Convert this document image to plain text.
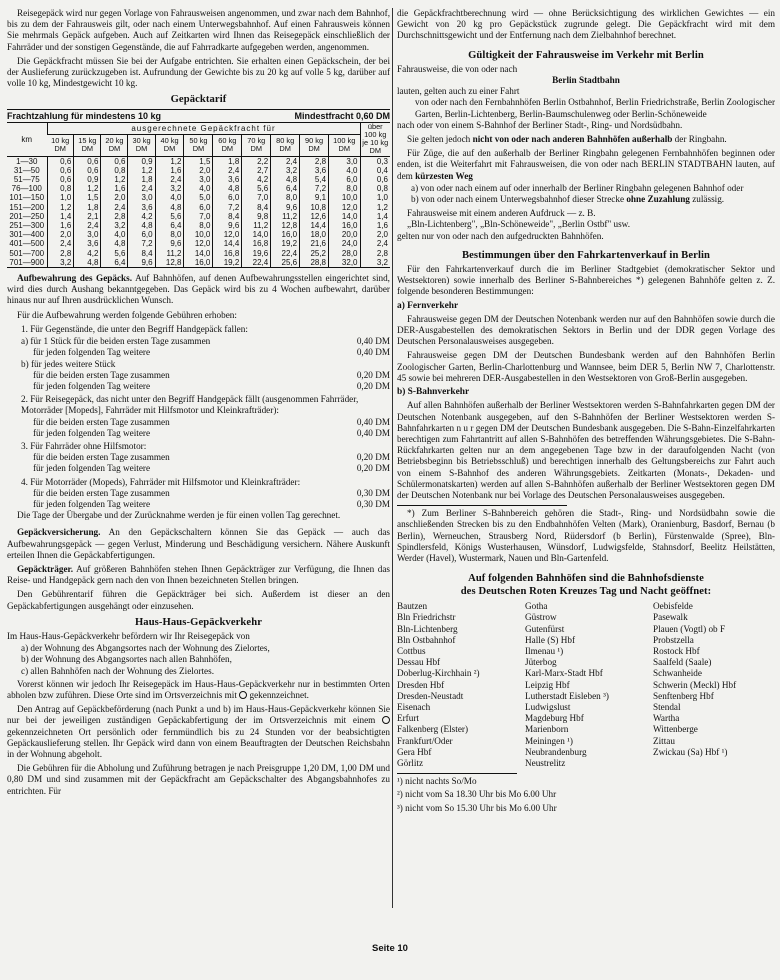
Reisegepäck wird nur gegen Vorlage von Fahrausweisen angenommen, und zwar nach dem Bahnhof, bis zu dem der Fahrausweis gilt, oder nach einem Unterwegsbahnhof. Auf einen Fahrausweis können Sie mehrmals Gepäck aufgeben. Auch auf Zeitkarten wird Ihnen das Reisegepäck einschließlich der Fahrräder und der sonstigen Gegenstände, die auf Fahrradkarte aufgegeben werden, angenommen.

Die Gepäckfracht müssen Sie bei der Aufgabe entrichten. Sie erhalten einen Gepäckschein, der bei der Auslieferung zurückzugeben ist. Aufrundung der Gewichte bis zu 20 kg auf volle 5 kg, darüber auf volle 10 kg, Mindestgewicht 10 kg.

Gepäcktarif
Frachtzahlung für mindestens 10 kg	Mindestfracht 0,60 DM
km	ausgerechnete Gepäckfracht für											über 100 kg je 10 kg DM
	10 kg DM	15 kg DM	20 kg DM	30 kg DM	40 kg DM	50 kg DM	60 kg DM	70 kg DM	80 kg DM	90 kg DM	100 kg DM	
1—30	0,6	0,6	0,6	0,9	1,2	1,5	1,8	2,2	2,4	2,8	3,0	0,3
31—50	0,6	0,6	0,8	1,2	1,6	2,0	2,4	2,7	3,2	3,6	4,0	0,4
51—75	0,6	0,9	1,2	1,8	2,4	3,0	3,6	4,2	4,8	5,4	6,0	0,6
76—100	0,8	1,2	1,6	2,4	3,2	4,0	4,8	5,6	6,4	7,2	8,0	0,8
101—150	1,0	1,5	2,0	3,0	4,0	5,0	6,0	7,0	8,0	9,1	10,0	1,0
151—200	1,2	1,8	2,4	3,6	4,8	6,0	7,2	8,4	9,6	10,8	12,0	1,2
201—250	1,4	2,1	2,8	4,2	5,6	7,0	8,4	9,8	11,2	12,6	14,0	1,4
251—300	1,6	2,4	3,2	4,8	6,4	8,0	9,6	11,2	12,8	14,4	16,0	1,6
301—400	2,0	3,0	4,0	6,0	8,0	10,0	12,0	14,0	16,0	18,0	20,0	2,0
401—500	2,4	3,6	4,8	7,2	9,6	12,0	14,4	16,8	19,2	21,6	24,0	2,4
501—700	2,8	4,2	5,6	8,4	11,2	14,0	16,8	19,6	22,4	25,2	28,0	2,8
701—900	3,2	4,8	6,4	9,6	12,8	16,0	19,2	22,4	25,6	28,8	32,0	3,2

Aufbewahrung des Gepäcks. Auf Bahnhöfen, auf denen Aufbewahrungsstellen eingerichtet sind, wird dies durch Aushang bekanntgegeben. Das Gepäck wird bis zu 4 Wochen aufbewahrt, darüber hinaus nur auf Ihren ausdrücklichen Wunsch.

Für die Aufbewahrung werden folgende Gebühren erhoben:

1. Für Gegenstände, die unter den Begriff Handgepäck fallen:
a) für 1 Stück für die beiden ersten Tage zusammen	0,40 DM
für jeden folgenden Tag weitere	0,40 DM
b) für jedes weitere Stück
für die beiden ersten Tage zusammen	0,20 DM
für jeden folgenden Tag weitere	0,20 DM
2. Für Reisegepäck, das nicht unter den Begriff Handgepäck fällt (ausgenommen Fahrräder, Motorräder [Mopeds], Fahrräder mit Hilfsmotor und Kleinkrafträder):
für die beiden ersten Tage zusammen	0,40 DM
für jeden folgenden Tag weitere	0,40 DM
3. Für Fahrräder ohne Hilfsmotor:
für die beiden ersten Tage zusammen	0,20 DM
für jeden folgenden Tag weitere	0,20 DM
4. Für Motorräder (Mopeds), Fahrräder mit Hilfsmotor und Kleinkrafträder:
für die beiden ersten Tage zusammen	0,30 DM
für jeden folgenden Tag weitere	0,30 DM

Die Tage der Übergabe und der Zurücknahme werden je für einen vollen Tag gerechnet.

Gepäckversicherung. An den Gepäckschaltern können Sie das Gepäck — auch das Aufbewahrungsgepäck — gegen Verlust, Minderung und Beschädigung versichern. Nähere Auskunft erteilen Ihnen die Gepäckabfertigungen.

Gepäckträger. Auf größeren Bahnhöfen stehen Ihnen Gepäckträger zur Verfügung, die Ihnen das Reise- und Handgepäck gern nach den von Ihnen bezeichneten Stellen bringen.

Den Gebührentarif führen die Gepäckträger bei sich. Außerdem ist dieser an den Gepäckabfertigungen ausgehängt oder einzusehen.

Haus-Haus-Gepäckverkehr

Im Haus-Haus-Gepäckverkehr befördern wir Ihr Reisegepäck von

a) der Wohnung des Abgangsortes nach der Wohnung des Zielortes,
b) der Wohnung des Abgangsortes nach allen Bahnhöfen,
c) allen Bahnhöfen nach der Wohnung des Zielortes.

Vorerst können wir jedoch Ihr Reisegepäck im Haus-Haus-Gepäckverkehr nur in bestimmten Orten abholen bzw zuführen. Diese Orte sind im Ortsverzeichnis mit gekennzeichnet.

Den Antrag auf Gepäckbeförderung (nach Punkt a und b) im Haus-Haus-Gepäckverkehr können Sie nur bei der jeweiligen zuständigen Gepäckabfertigung der im Ortsverzeichnis mit einem  gekennzeichneten Ort persönlich oder fernmündlich bis zu 24 Stunden vor der beabsichtigten Gepäckauslieferung stellen. Ihr Gepäck wird dann von einem Beauftragten der Deutschen Reichsbahn in der Wohnung abgeholt.

Die Gebühren für die Abholung und Zuführung betragen je nach Preisgruppe 1,20 DM, 1,00 DM und 0,80 DM und sind zusammen mit der Gepäckfracht am Gepäckschalter des Abgangsbahnhofes zu entrichten. Für

die Gepäckfrachtberechnung wird — ohne Berücksichtigung des wirklichen Gewichtes — ein Gewicht von 20 kg pro Gepäckstück zugrunde gelegt. Die Gepäckfracht wird mit dem Durchschnittsgewicht und der Entfernung nach dem Zielbahnhof berechnet.

Gültigkeit der Fahrausweise im Verkehr mit Berlin
Fahrausweise, die von oder nach
Berlin Stadtbahn
lauten, gelten auch zu einer Fahrt
von oder nach den Fernbahnhöfen Berlin Ostbahnhof, Berlin Friedrichstraße, Berlin Zoologischer Garten, Berlin-Lichtenberg, Berlin-Baumschulenweg oder Berlin-Schöneweide
nach oder von einem S-Bahnhof der Berliner Stadt-, Ring- und Nordsüdbahn.

Sie gelten jedoch nicht von oder nach anderen Bahnhöfen außerhalb der Ringbahn.

Für Züge, die auf den außerhalb der Berliner Ringbahn gelegenen Fernbahnhöfen beginnen oder enden, ist die Weiterfahrt mit Fahrausweisen, die von oder nach BERLIN STADTBAHN lauten, auf dem kürzesten Weg

a) von oder nach einem auf oder innerhalb der Berliner Ringbahn gelegenen Bahnhof oder
b) von oder nach einem Unterwegsbahnhof dieser Strecke ohne Zuzahlung zulässig.

Fahrausweise mit einem anderen Aufdruck — z. B.

„Bln-Lichtenberg", „Bln-Schöneweide", „Berlin Ostbf" usw.
gelten nur von oder nach den aufgedruckten Bahnhöfen.
Bestimmungen über den Fahrkartenverkauf in Berlin

Für den Fahrkartenverkauf durch die im Berliner Stadtgebiet (demokratischer Sektor und Westsektoren) sowie innerhalb des Berliner S-Bahnbereiches *) gelegenen Bahnhöfe gelten z. Z. folgende besonderen Bestimmungen:

a) Fernverkehr

Fahrausweise gegen DM der Deutschen Notenbank werden nur auf den Bahnhöfen sowie durch die DER-Ausgabestellen des demokratischen Sektors in Berlin und der DDR gegen Vorlage des Deutschen Personalausweises ausgegeben.

Fahrausweise gegen DM der Deutschen Bundesbank werden auf den Bahnhöfen Berlin Zoologischer Garten, Berlin-Charlottenburg und Wannsee, beim DER 5, Berlin NW 7, Charlottenstr. 45 sowie bei mehreren DER-Ausgabestellen in den Westsektoren von Groß-Berlin ausgegeben.

b) S-Bahnverkehr

Auf allen Bahnhöfen außerhalb der Berliner Westsektoren werden S-Bahnfahrkarten gegen DM der Deutschen Notenbank ausgegeben, auf den S-Bahnhöfen der Berliner Westsektoren werden S-Bahnfahrkarten n u r gegen DM der Deutschen Bundesbank ausgegeben. Die S-Bahn-Einzelfahrkarten berechtigen zum Fahrtantritt auf allen S-Bahnhöfen des betreffenden Währungsgebietes. Die S-Bahn-Rückfahrkarten gelten nur an dem angegebenen Tage bzw in der daraufolgenden Nacht (von Betriebsbeginn bis Betriebsschluß) und berechtigen innerhalb des Geltungsbereichs zur Fahrt auch von einem S-Bahnhof des anderen Währungsgebiets. Zeitkarten (Monats-, Dekaden- und Schülermonatskarten) werden auf allen S-Bahnhöfen außerhalb der Berliner Westsektoren gegen DM der Deutschen Notenbank nur bei Vorlage des Deutschen Personalausweises ausgegeben.

*) Zum Berliner S-Bahnbereich gehören die Stadt-, Ring- und Nordsüdbahn sowie die anschließenden Strecken bis zu den Endbahnhöfen Velten (Mark), Oranienburg, Basdorf, Bernau (b Berlin), Werneuchen, Strausberg Nord, Rüdersdorf (b Berlin), Fürstenwalde (Spree), Bln-Spindlersfeld, Königs Wusterhausen, Wünsdorf, Ludwigsfelde, Stahnsdorf, Beelitz Heilstätten, Werder (Havel), Wustermark, Nauen und Bln-Gartenfeld.

Auf folgenden Bahnhöfen sind die Bahnhofsdienste
des Deutschen Roten Kreuzes Tag und Nacht geöffnet:
Bautzen	Gotha	Oebisfelde
Bln Friedrichstr	Güstrow	Pasewalk
Bln-Lichtenberg	Gutenfürst	Plauen (Vogtl) ob F
Bln Ostbahnhof	Halle (S) Hbf	Probstzella
Cottbus	Ilmenau ¹)	Rostock Hbf
Dessau Hbf	Jüterbog	Saalfeld (Saale)
Doberlug-Kirchhain ²)	Karl-Marx-Stadt Hbf	Schwanheide
Dresden Hbf	Leipzig Hbf	Schwerin (Meckl) Hbf
Dresden-Neustadt	Lutherstadt Eisleben ³)	Senftenberg Hbf
Eisenach	Ludwigslust	Stendal
Erfurt	Magdeburg Hbf	Wartha
Falkenberg (Elster)	Marienborn	Wittenberge
Frankfurt/Oder	Meiningen ¹)	Zittau
Gera Hbf	Neubrandenburg	Zwickau (Sa) Hbf ¹)
Görlitz	Neustrelitz
¹) nicht nachts So/Mo
²) nicht vom Sa 18.30 Uhr bis Mo 6.00 Uhr
³) nicht vom So 15.30 Uhr bis Mo 6.00 Uhr
Seite 10
